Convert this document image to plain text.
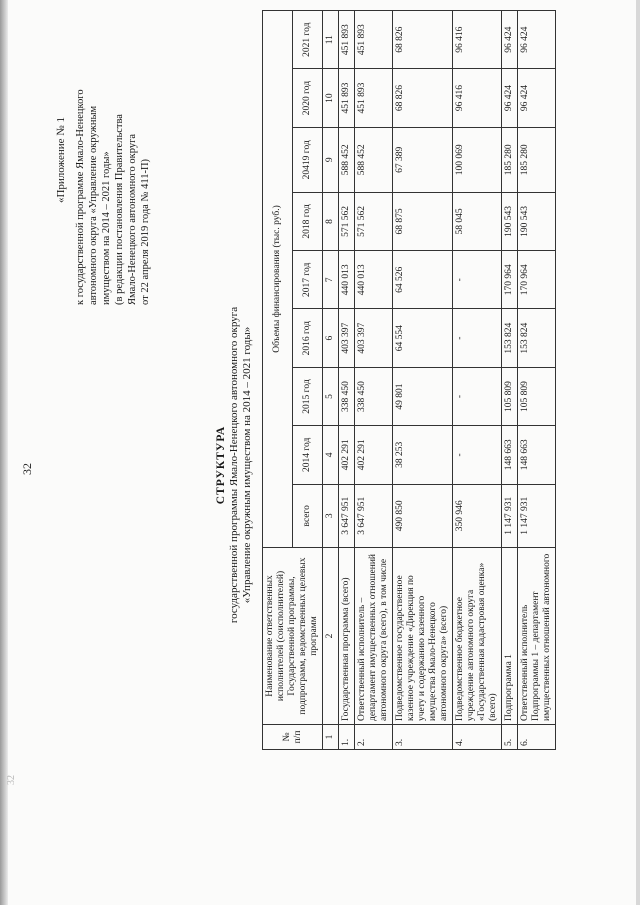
32
32
«Приложение № 1 к государственной программе Ямало-Ненецкого автономного округа «Управление окружным имуществом на 2014 – 2021 годы» (в редакции постановления Правительства Ямало-Ненецкого автономного округа от 22 апреля 2019 года № 411-П)
СТРУКТУРА государственной программы Ямало-Ненецкого автономного округа «Управление окружным имуществом на 2014 – 2021 годы»
№ п/п	Наименование ответственных исполнителей (соисполнителей) Государственной программы, подпрограмм, ведомственных целевых программ	Объемы финансирования (тыс. руб.)								
		всего	2014 год	2015 год	2016 год	2017 год	2018 год	20419 год	2020 год	2021 год
1	2	3	4	5	6	7	8	9	10	11
1.	Государственная программа (всего)	3 647 951	402 291	338 450	403 397	440 013	571 562	588 452	451 893	451 893
2.	Ответственный исполнитель – департамент имущественных отношений автономного округа (всего), в том числе	3 647 951	402 291	338 450	403 397	440 013	571 562	588 452	451 893	451 893
3.	Подведомственное государственное казенное учреждение «Дирекция по учету и содержанию казенного имущества Ямало-Ненецкого автономного округа» (всего)	490 850	38 253	49 801	64 554	64 526	68 875	67 389	68 826	68 826
4.	Подведомственное бюджетное учреждение автономного округа «Государственная кадастровая оценка» (всего)	350 946	-	-	-	-	58 045	100 069	96 416	96 416
5.	Подпрограмма 1	1 147 931	148 663	105 809	153 824	170 964	190 543	185 280	96 424	96 424
6.	Ответственный исполнитель Подпрограммы 1 – департамент имущественных отношений автономного	1 147 931	148 663	105 809	153 824	170 964	190 543	185 280	96 424	96 424
